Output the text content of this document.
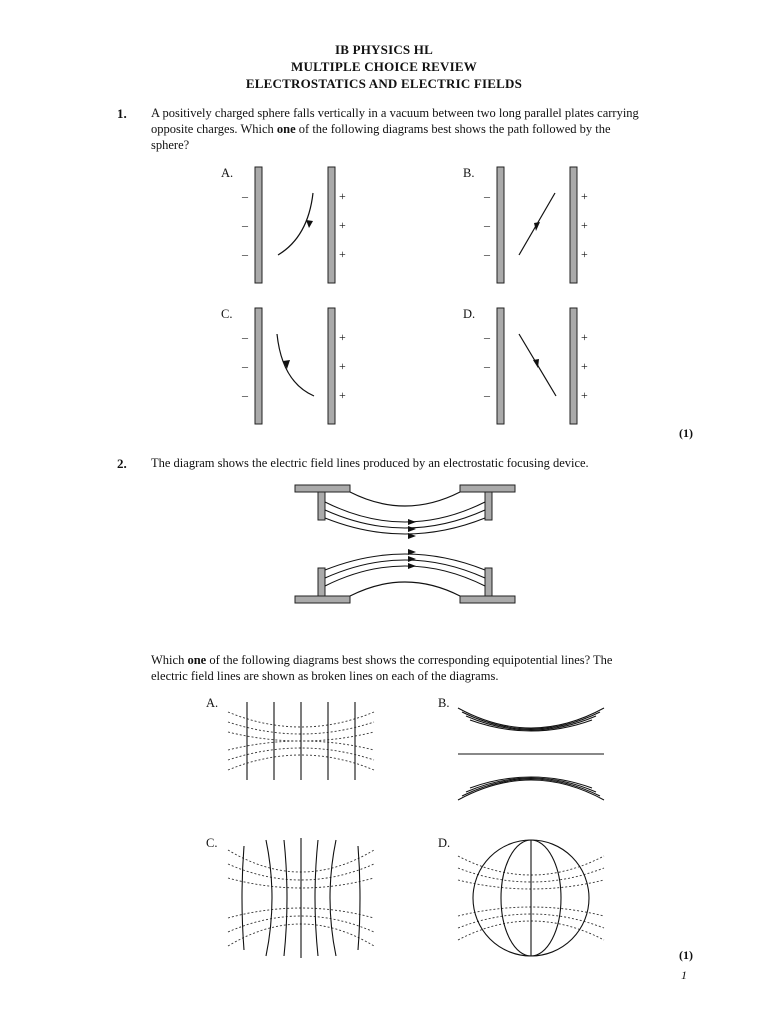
IB PHYSICS HL
MULTIPLE CHOICE REVIEW
ELECTROSTATICS AND ELECTRIC FIELDS
1. A positively charged sphere falls vertically in a vacuum between two long parallel plates carrying
opposite charges. Which one of the following diagrams best shows the path followed by the
sphere?
A.
–
–
–
+
+
+
B.
–
–
–
+
+
+
C.
–
–
–
+
+
+
D.
–
–
–
+
+
+
(1)
2. The diagram shows the electric field lines produced by an electrostatic focusing device.
Which one of the following diagrams best shows the corresponding equipotential lines? The
electric field lines are shown as broken lines on each of the diagrams.
A.	B.
C.	D.
(1)
1
